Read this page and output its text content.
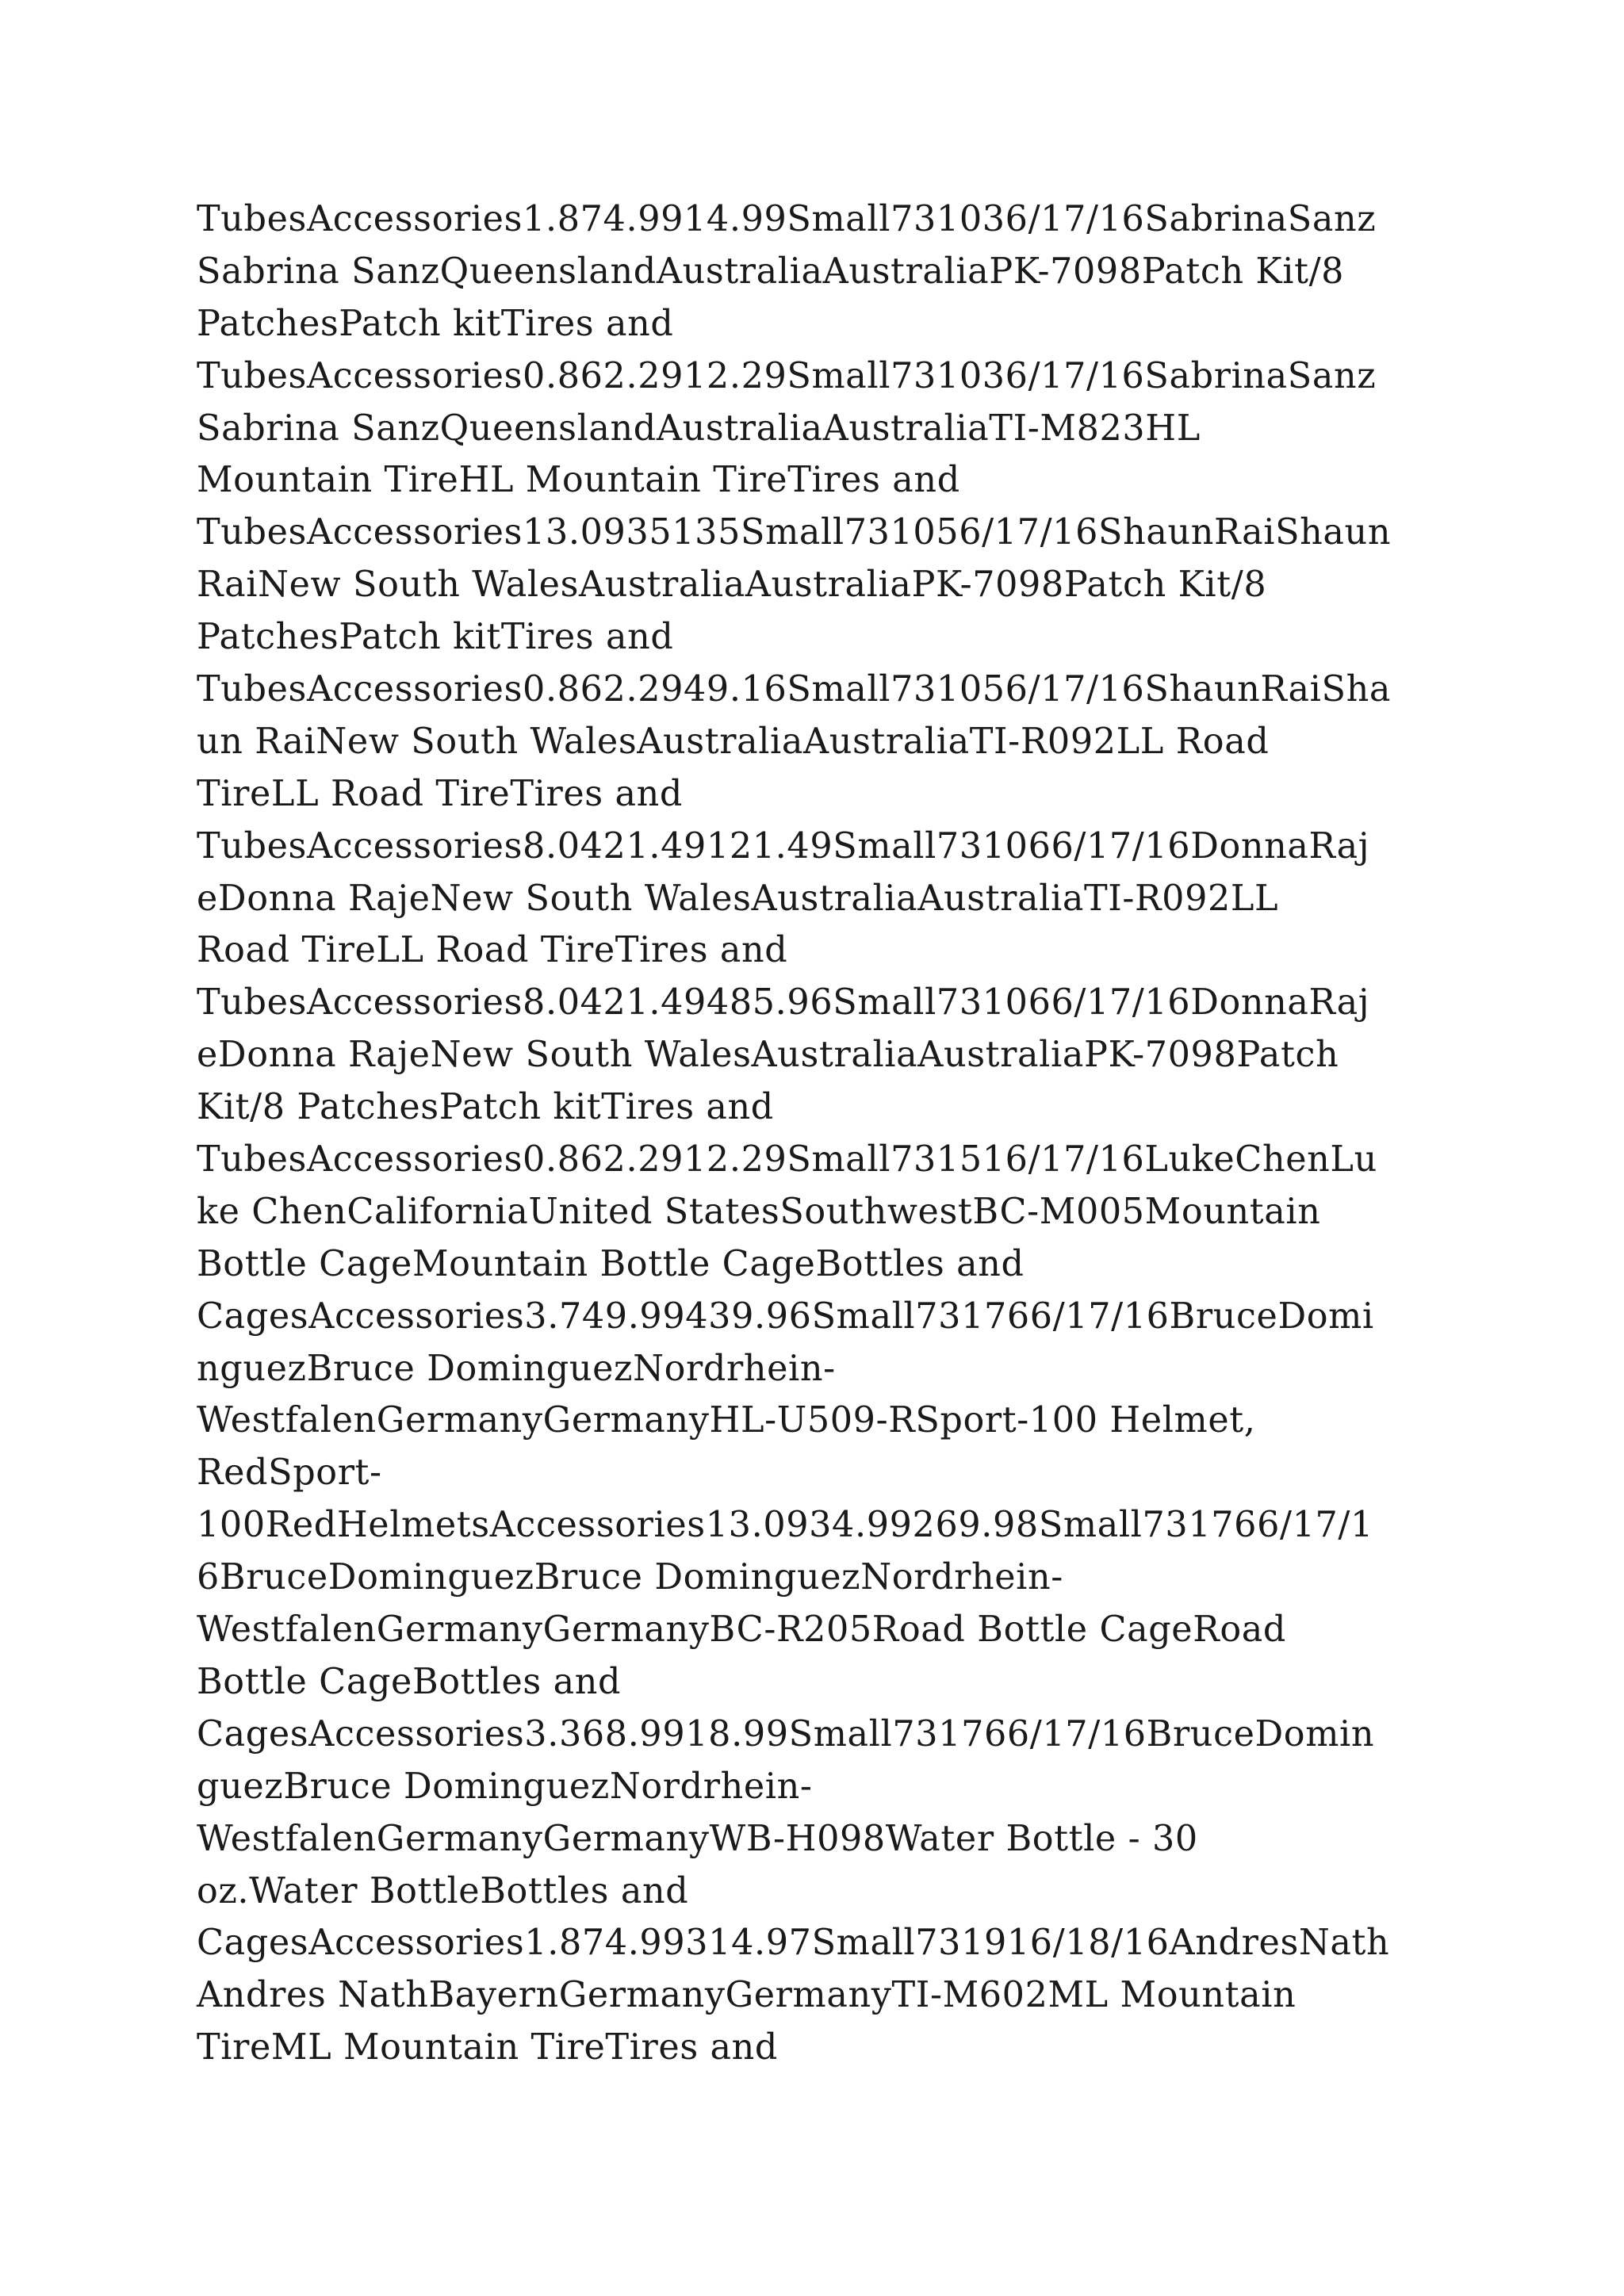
TubesAccessories1.874.9914.99Small731036/17/16SabrinaSanz
Sabrina SanzQueenslandAustraliaAustraliaPK-7098Patch Kit/8
PatchesPatch kitTires and
TubesAccessories0.862.2912.29Small731036/17/16SabrinaSanz
Sabrina SanzQueenslandAustraliaAustraliaTI-M823HL
Mountain TireHL Mountain TireTires and
TubesAccessories13.0935135Small731056/17/16ShaunRaiShaun
RaiNew South WalesAustraliaAustraliaPK-7098Patch Kit/8
PatchesPatch kitTires and
TubesAccessories0.862.2949.16Small731056/17/16ShaunRaiSha
un RaiNew South WalesAustraliaAustraliaTI-R092LL Road
TireLL Road TireTires and
TubesAccessories8.0421.49121.49Small731066/17/16DonnaRaj
eDonna RajeNew South WalesAustraliaAustraliaTI-R092LL
Road TireLL Road TireTires and
TubesAccessories8.0421.49485.96Small731066/17/16DonnaRaj
eDonna RajeNew South WalesAustraliaAustraliaPK-7098Patch
Kit/8 PatchesPatch kitTires and
TubesAccessories0.862.2912.29Small731516/17/16LukeChenLu
ke ChenCaliforniaUnited StatesSouthwestBC-M005Mountain
Bottle CageMountain Bottle CageBottles and
CagesAccessories3.749.99439.96Small731766/17/16BruceDomi
nguezBruce DominguezNordrhein-
WestfalenGermanyGermanyHL-U509-RSport-100 Helmet,
RedSport-
100RedHelmetsAccessories13.0934.99269.98Small731766/17/1
6BruceDominguezBruce DominguezNordrhein-
WestfalenGermanyGermanyBC-R205Road Bottle CageRoad
Bottle CageBottles and
CagesAccessories3.368.9918.99Small731766/17/16BruceDomin
guezBruce DominguezNordrhein-
WestfalenGermanyGermanyWB-H098Water Bottle - 30
oz.Water BottleBottles and
CagesAccessories1.874.99314.97Small731916/18/16AndresNath
Andres NathBayernGermanyGermanyTI-M602ML Mountain
TireML Mountain TireTires and
